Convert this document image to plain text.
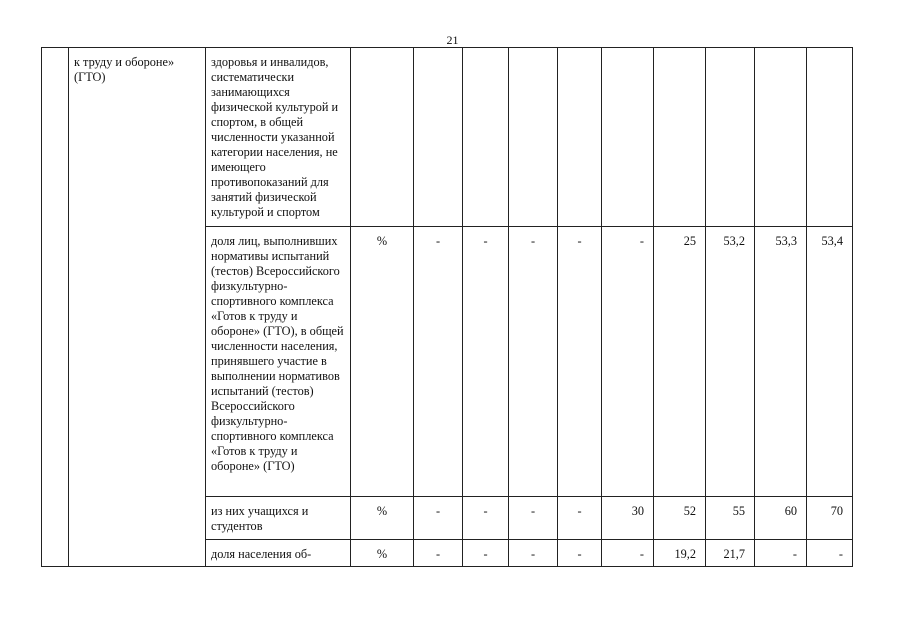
21
	к труду и обороне» (ГТО)	здоровья и инвалидов, систематически занимающихся физической культурой и спортом, в общей численности указанной категории населения, не имеющего противопоказаний для занятий физической культурой и спортом										
		доля лиц, выполнивших нормативы испытаний (тестов) Всероссийского физкультурно-спортивного комплекса «Готов к труду и обороне» (ГТО), в общей численности населения, принявшего участие в выполнении нормативов испытаний (тестов) Всероссийского физкультурно-спортивного комплекса «Готов к труду и обороне» (ГТО)	%	-	-	-	-	-	25	53,2	53,3	53,4
		из них учащихся и студентов	%	-	-	-	-	30	52	55	60	70
		доля населения об-	%	-	-	-	-	-	19,2	21,7	-	-
